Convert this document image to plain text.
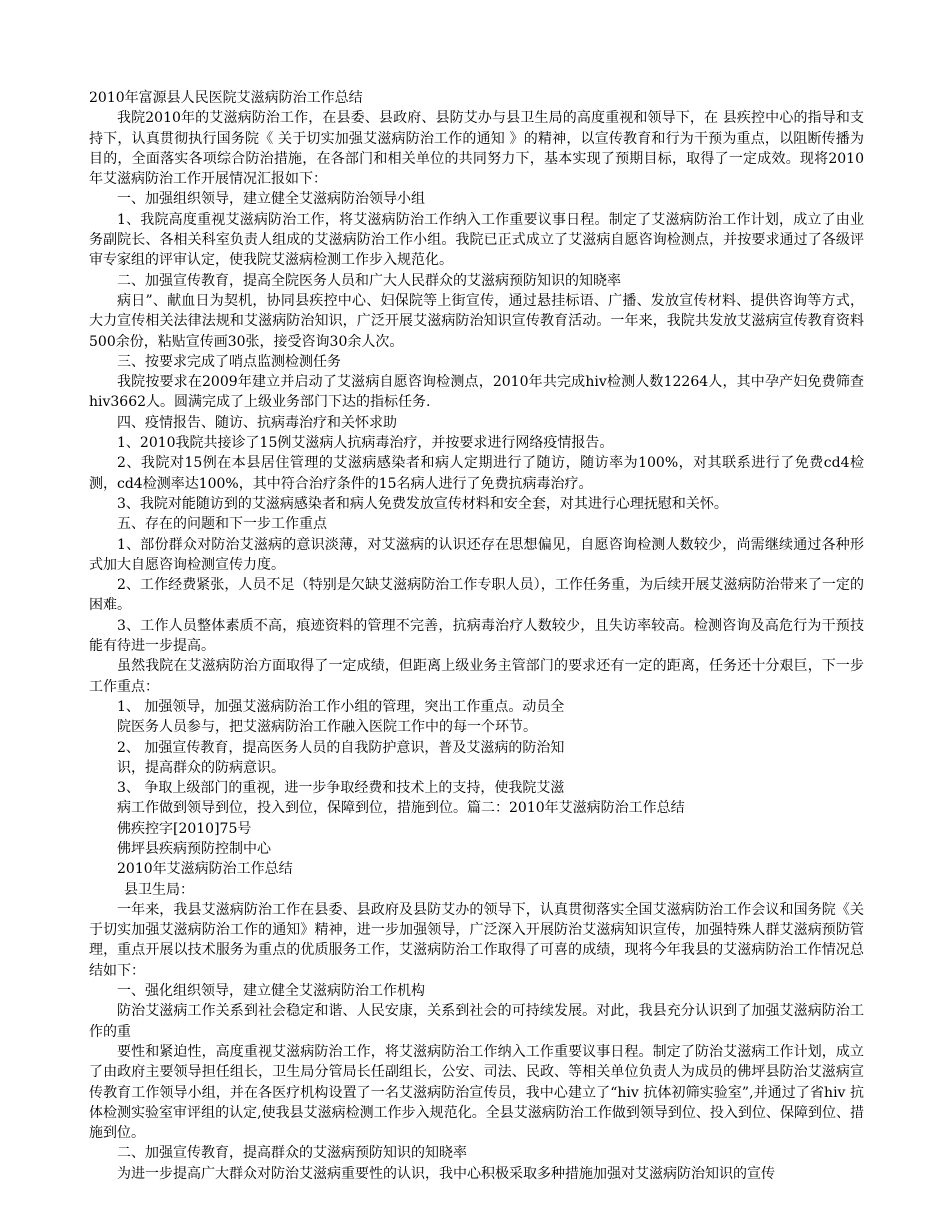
2010年富源县人民医院艾滋病防治工作总结

我院2010年的艾滋病防治工作，在县委、县政府、县防艾办与县卫生局的高度重视和领导下，在 县疾控中心的指导和支持下，认真贯彻执行国务院《 关于切实加强艾滋病防治工作的通知 》的精神，以宣传教育和行为干预为重点，以阻断传播为目的，全面落实各项综合防治措施，在各部门和相关单位的共同努力下，基本实现了预期目标，取得了一定成效。现将2010年艾滋病防治工作开展情况汇报如下：

一、加强组织领导，建立健全艾滋病防治领导小组

1、我院高度重视艾滋病防治工作，将艾滋病防治工作纳入工作重要议事日程。制定了艾滋病防治工作计划，成立了由业务副院长、各相关科室负责人组成的艾滋病防治工作小组。我院已正式成立了艾滋病自愿咨询检测点，并按要求通过了各级评审专家组的评审认定，使我院艾滋病检测工作步入规范化。

二、加强宣传教育，提高全院医务人员和广大人民群众的艾滋病预防知识的知晓率

病日”、献血日为契机，协同县疾控中心、妇保院等上街宣传，通过悬挂标语、广播、发放宣传材料、提供咨询等方式，大力宣传相关法律法规和艾滋病防治知识，广泛开展艾滋病防治知识宣传教育活动。一年来，我院共发放艾滋病宣传教育资料500余份，粘贴宣传画30张，接受咨询30余人次。

三、按要求完成了哨点监测检测任务

我院按要求在2009年建立并启动了艾滋病自愿咨询检测点，2010年共完成hiv检测人数12264人，其中孕产妇免费筛查hiv3662人。圆满完成了上级业务部门下达的指标任务.

四、疫情报告、随访、抗病毒治疗和关怀求助

1、2010我院共接诊了15例艾滋病人抗病毒治疗，并按要求进行网络疫情报告。

2、我院对15例在本县居住管理的艾滋病感染者和病人定期进行了随访，随访率为100%，对其联系进行了免费cd4检测，cd4检测率达100%，其中符合治疗条件的15名病人进行了免费抗病毒治疗。

3、我院对能随访到的艾滋病感染者和病人免费发放宣传材料和安全套，对其进行心理抚慰和关怀。

五、存在的问题和下一步工作重点

1、部份群众对防治艾滋病的意识淡薄，对艾滋病的认识还存在思想偏见，自愿咨询检测人数较少，尚需继续通过各种形式加大自愿咨询检测宣传力度。

2、工作经费紧张，人员不足（特别是欠缺艾滋病防治工作专职人员），工作任务重，为后续开展艾滋病防治带来了一定的困难。

3、工作人员整体素质不高，痕迹资料的管理不完善，抗病毒治疗人数较少，且失访率较高。检测咨询及高危行为干预技能有待进一步提高。

虽然我院在艾滋病防治方面取得了一定成绩，但距离上级业务主管部门的要求还有一定的距离，任务还十分艰巨，下一步工作重点：

1、 加强领导，加强艾滋病防治工作小组的管理，突出工作重点。动员全

院医务人员参与，把艾滋病防治工作融入医院工作中的每一个环节。

2、 加强宣传教育，提高医务人员的自我防护意识，普及艾滋病的防治知

识，提高群众的防病意识。

3、 争取上级部门的重视，进一步争取经费和技术上的支持，使我院艾滋

病工作做到领导到位，投入到位，保障到位，措施到位。篇二：2010年艾滋病防治工作总结

佛疾控字[2010]75号

佛坪县疾病预防控制中心

2010年艾滋病防治工作总结

县卫生局：

一年来，我县艾滋病防治工作在县委、县政府及县防艾办的领导下，认真贯彻落实全国艾滋病防治工作会议和国务院《关于切实加强艾滋病防治工作的通知》精神，进一步加强领导，广泛深入开展防治艾滋病知识宣传，加强特殊人群艾滋病预防管理，重点开展以技术服务为重点的优质服务工作，艾滋病防治工作取得了可喜的成绩，现将今年我县的艾滋病防治工作情况总结如下：

一、强化组织领导，建立健全艾滋病防治工作机构

防治艾滋病工作关系到社会稳定和谐、人民安康，关系到社会的可持续发展。对此，我县充分认识到了加强艾滋病防治工作的重

要性和紧迫性，高度重视艾滋病防治工作，将艾滋病防治工作纳入工作重要议事日程。制定了防治艾滋病工作计划，成立了由政府主要领导担任组长，卫生局分管局长任副组长，公安、司法、民政、等相关单位负责人为成员的佛坪县防治艾滋病宣传教育工作领导小组，并在各医疗机构设置了一名艾滋病防治宣传员，我中心建立了“hiv 抗体初筛实验室”,并通过了省hiv 抗体检测实验室审评组的认定,使我县艾滋病检测工作步入规范化。全县艾滋病防治工作做到领导到位、投入到位、保障到位、措施到位。

二、加强宣传教育，提高群众的艾滋病预防知识的知晓率

为进一步提高广大群众对防治艾滋病重要性的认识，我中心积极采取多种措施加强对艾滋病防治知识的宣传
